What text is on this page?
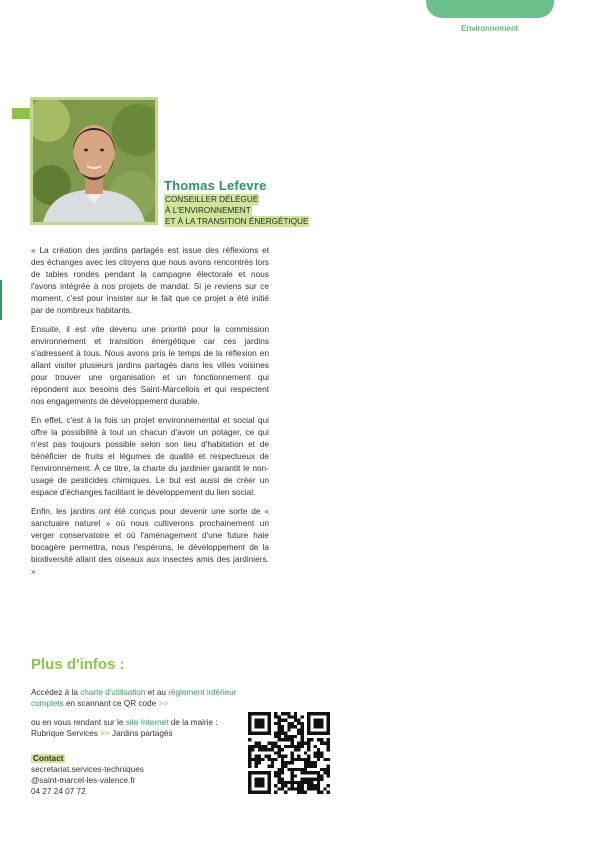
Environnement
Thomas Lefevre
CONSEILLER DÉLÉGUÉ
À L'ENVIRONNEMENT
ET À LA TRANSITION ÉNERGÉTIQUE

« La création des jardins partagés est issue des réflexions et des échanges avec les citoyens que nous avons rencontrés lors de tables rondes pendant la campagne électorale et nous l'avons intégrée à nos projets de mandat. Si je reviens sur ce moment, c'est pour insister sur le fait que ce projet a été initié par de nombreux habitants.

Ensuite, il est vite devenu une priorité pour la commission environnement et transition énergétique car ces jardins s'adressent à tous. Nous avons pris le temps de la réflexion en allant visiter plusieurs jardins partagés dans les villes voisines pour trouver une organisation et un fonctionnement qui répondent aux besoins des Saint-Marcellois et qui respectent nos engagements de développement durable.

En effet, c'est à la fois un projet environnemental et social qui offre la possibilité à tout un chacun d'avoir un potager, ce qui n'est pas toujours possible selon son lieu d'habitation et de bénéficier de fruits et légumes de qualité et respectueux de l'environnement. À ce titre, la charte du jardinier garantit le non-usage de pesticides chimiques. Le but est aussi de créer un espace d'échanges facilitant le développement du lien social.

Enfin, les jardins ont été conçus pour devenir une sorte de « sanctuaire naturel » où nous cultiverons prochainement un verger conservatoire et où l'aménagement d'une future haie bocagère permettra, nous l'espérons, le développement de la biodiversité allant des oiseaux aux insectes amis des jardiniers. »

Plus d'infos :
Accédez à la charte d'utilisation et au règlement intérieur complets en scannant ce QR code >>
ou en vous rendant sur le site Internet de la mairie : Rubrique Services >> Jardins partagés
Contact
secretariat.services-techniques
@saint-marcel-les-valence.fr
04 27 24 07 72
